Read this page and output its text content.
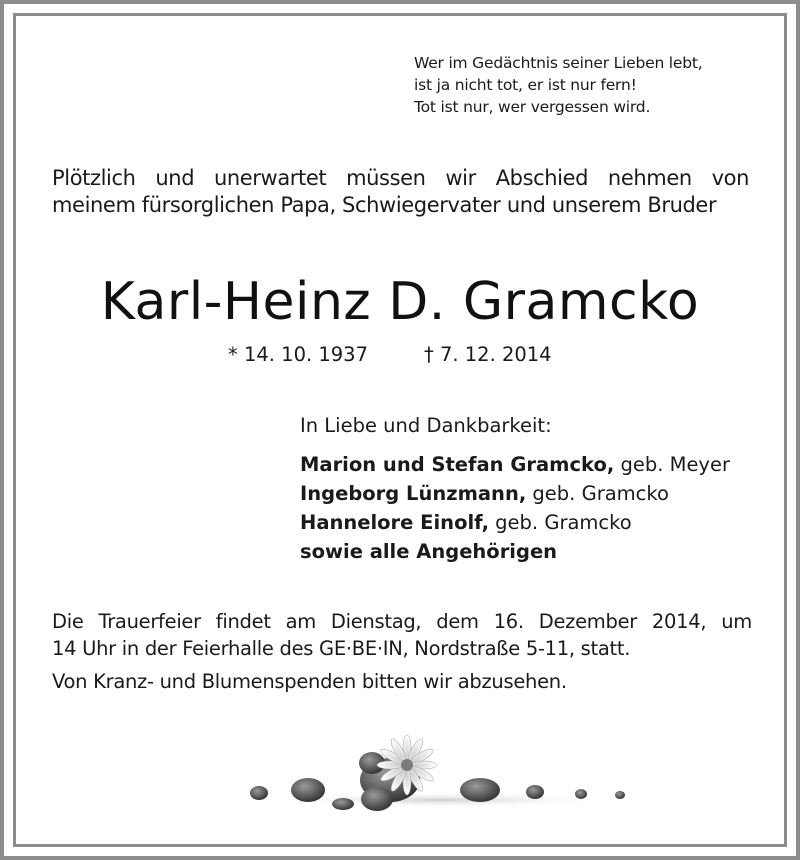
Wer im Gedächtnis seiner Lieben lebt,
ist ja nicht tot, er ist nur fern!
Tot ist nur, wer vergessen wird.
Plötzlich und unerwartet müssen wir Abschied nehmen von
meinem fürsorglichen Papa, Schwiegervater und unserem Bruder
Karl-Heinz D. Gramcko
* 14. 10. 1937	† 7. 12. 2014
In Liebe und Dankbarkeit:
Marion und Stefan Gramcko, geb. Meyer
Ingeborg Lünzmann, geb. Gramcko
Hannelore Einolf, geb. Gramcko
sowie alle Angehörigen
Die Trauerfeier findet am Dienstag, dem 16. Dezember 2014, um
14 Uhr in der Feierhalle des GE·BE·IN, Nordstraße 5-11, statt.
Von Kranz- und Blumenspenden bitten wir abzusehen.
